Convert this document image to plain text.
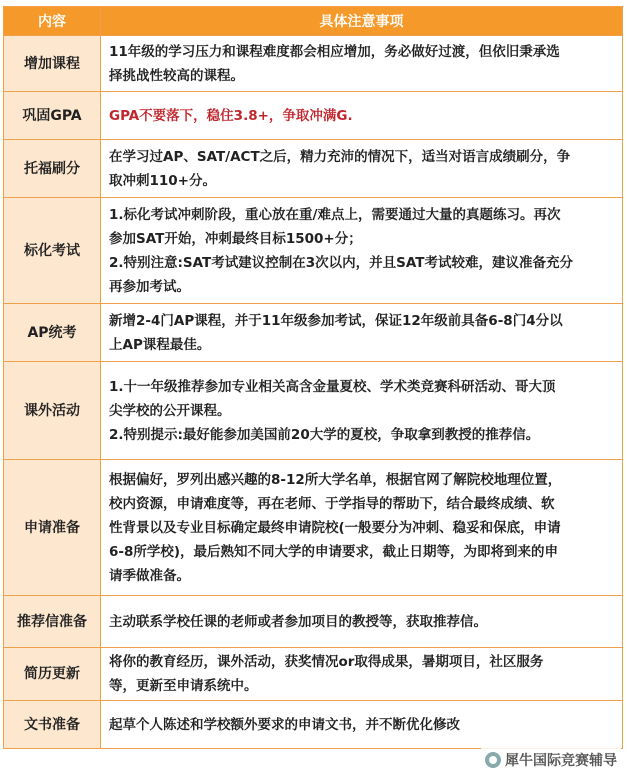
内容	具体注意事项
增加课程	11年级的学习压力和课程难度都会相应增加，务必做好过渡，但依旧秉承选
择挑战性较高的课程。

巩固GPA	GPA不要落下，稳住3.8+，争取冲满G.

托福刷分	在学习过AP、SAT/ACT之后，精力充沛的情况下，适当对语言成绩刷分，争
取冲刺110+分。

标化考试	1.标化考试冲刺阶段，重心放在重/难点上，需要通过大量的真题练习。再次
参加SAT开始，冲刺最终目标1500+分；
2.特别注意:SAT考试建议控制在3次以内，并且SAT考试较难，建议准备充分
再参加考试。

AP统考	新增2-4门AP课程，并于11年级参加考试，保证12年级前具备6-8门4分以
上AP课程最佳。

课外活动	1.十一年级推荐参加专业相关高含金量夏校、学术类竞赛科研活动、哥大顶
尖学校的公开课程。
2.特别提示:最好能参加美国前20大学的夏校，争取拿到教授的推荐信。

申请准备	根据偏好，罗列出感兴趣的8-12所大学名单，根据官网了解院校地理位置，
校内资源，申请难度等，再在老师、于学指导的帮助下，结合最终成绩、软
性背景以及专业目标确定最终申请院校(一般要分为冲刺、稳妥和保底，申请
6-8所学校)，最后熟知不同大学的申请要求，截止日期等，为即将到来的申
请季做准备。

推荐信准备	主动联系学校任课的老师或者参加项目的教授等，获取推荐信。

简历更新	将你的教育经历，课外活动，获奖情况or取得成果，暑期项目，社区服务
等，更新至申请系统中。

文书准备	起草个人陈述和学校额外要求的申请文书，并不断优化修改
犀牛国际竞赛辅导
